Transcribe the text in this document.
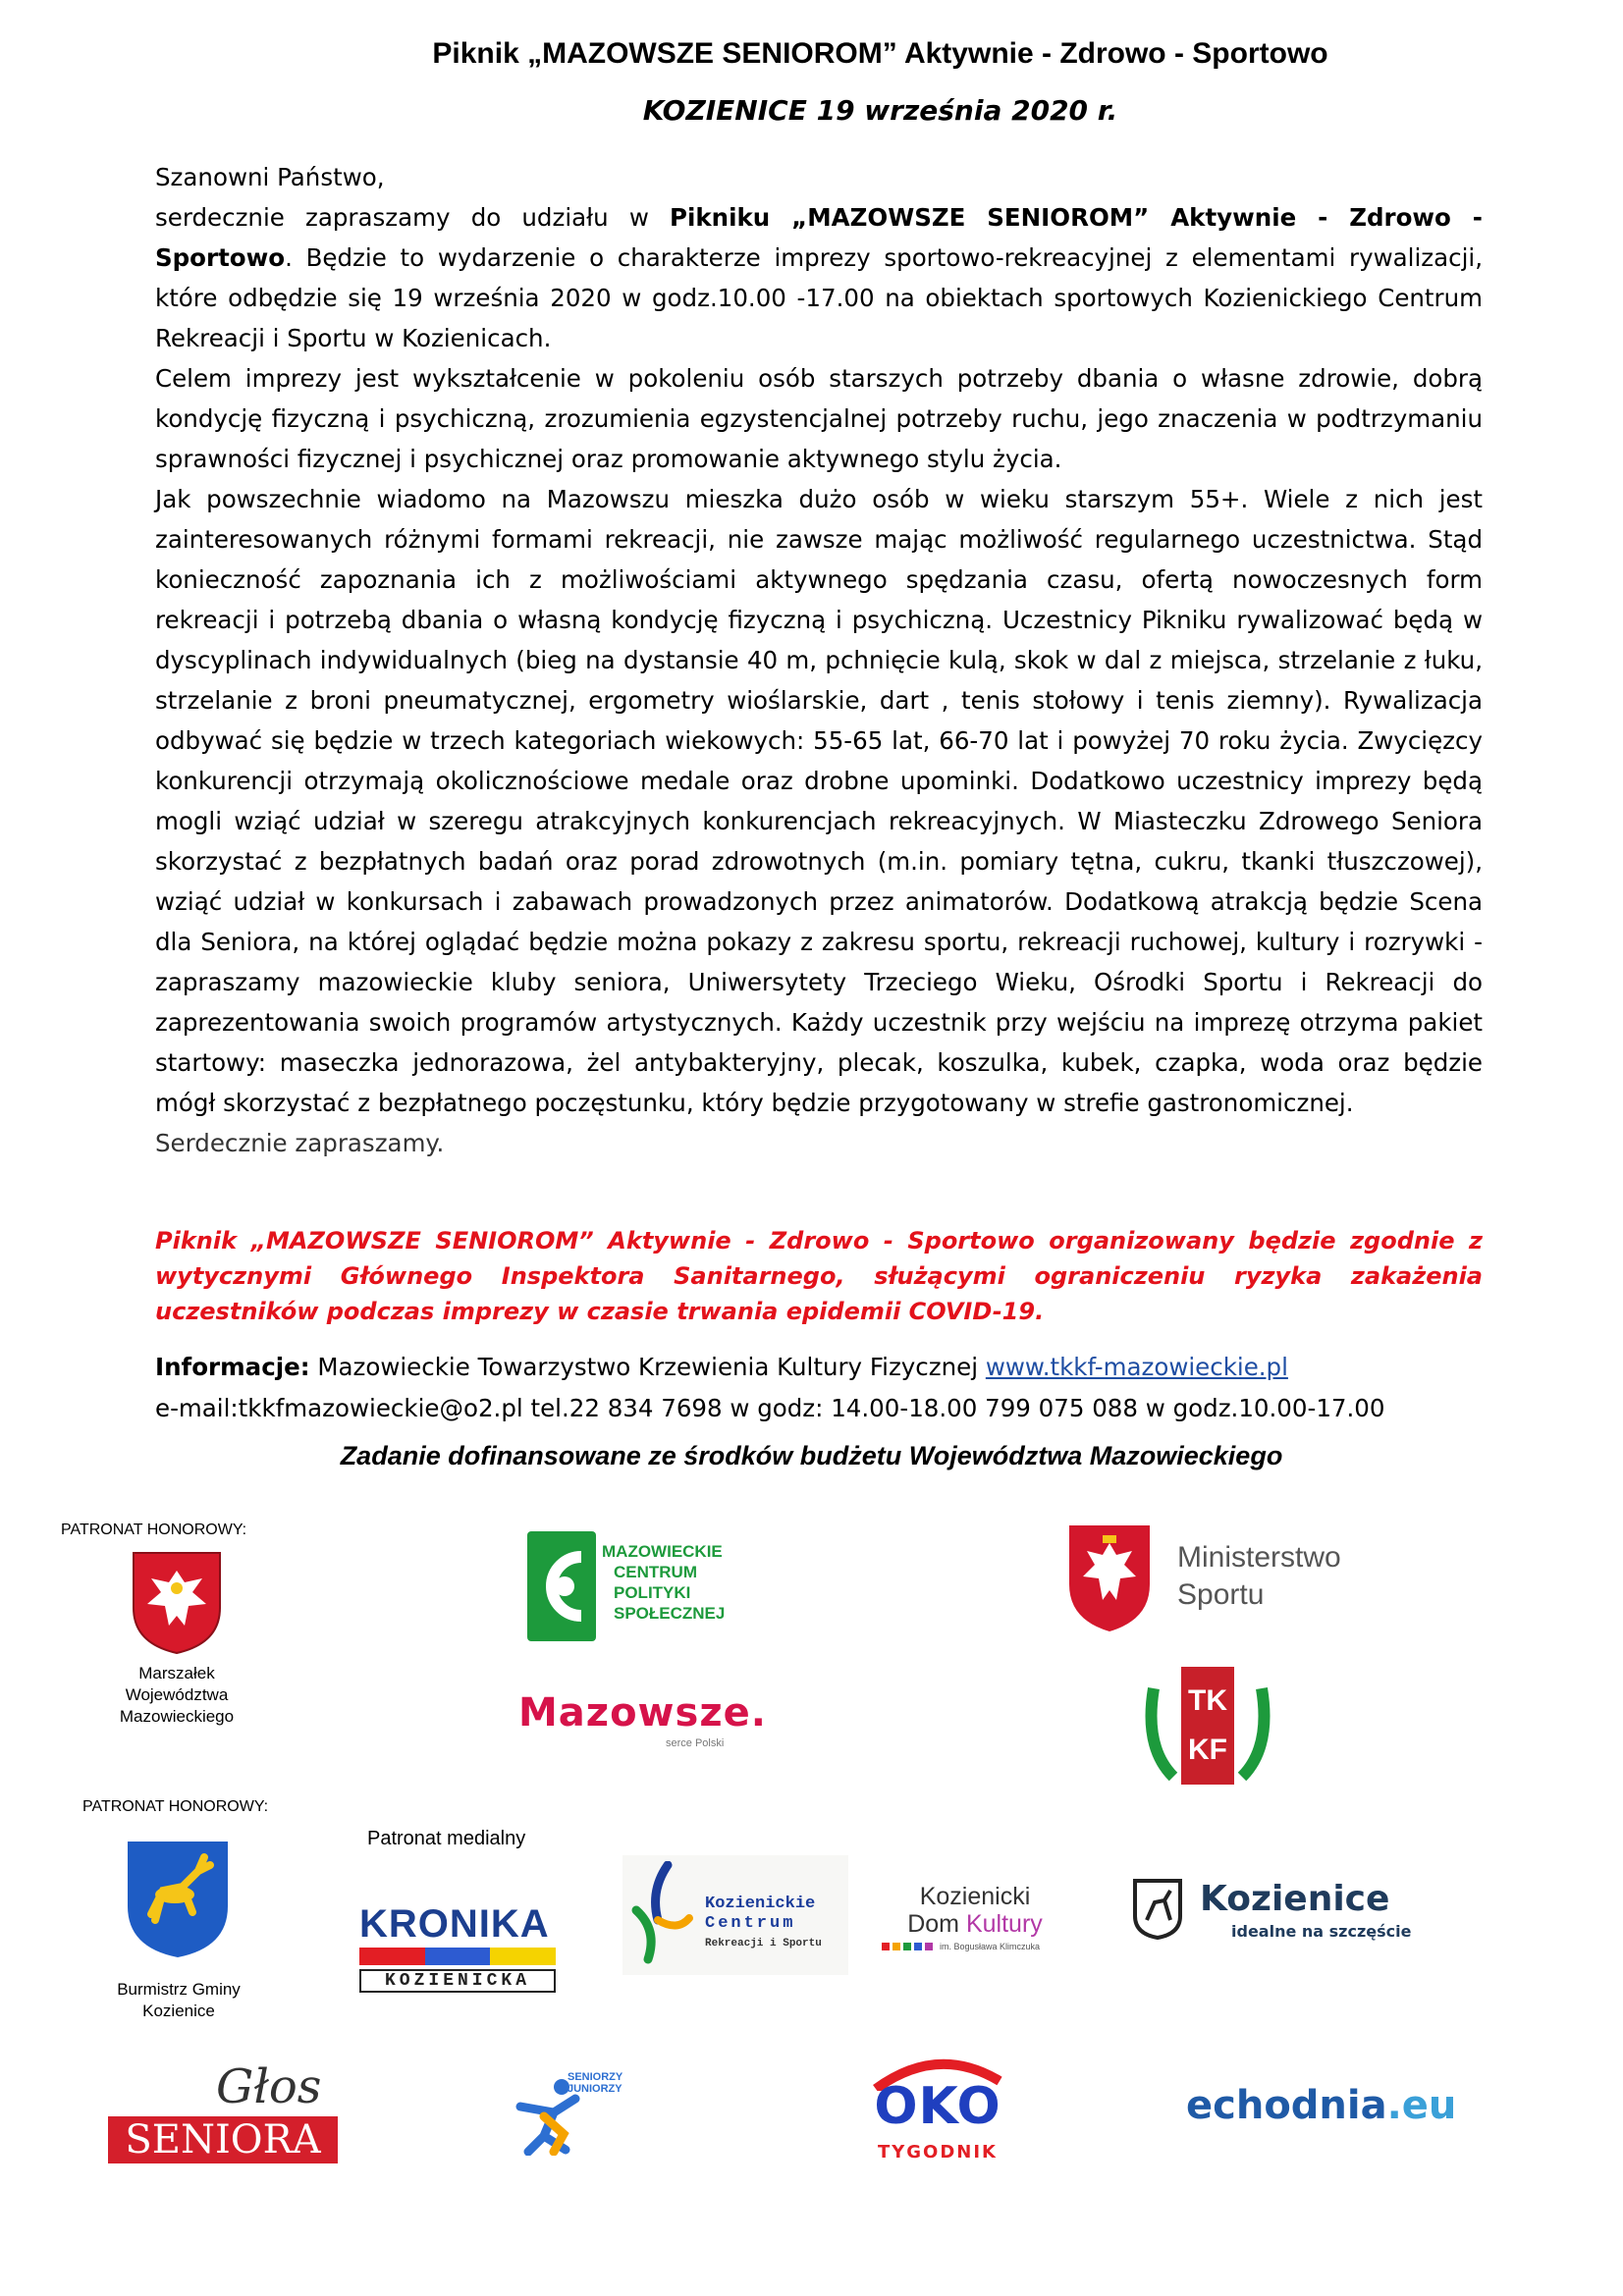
Piknik „MAZOWSZE SENIOROM” Aktywnie - Zdrowo - Sportowo
KOZIENICE 19 września 2020 r.

Szanowni Państwo,

serdecznie zapraszamy do udziału w Pikniku „MAZOWSZE SENIOROM” Aktywnie - Zdrowo - Sportowo. Będzie to wydarzenie o charakterze imprezy sportowo-rekreacyjnej z elementami rywalizacji, które odbędzie się 19 września 2020 w godz.10.00 -17.00 na obiektach sportowych Kozienickiego Centrum Rekreacji i Sportu w Kozienicach.

Celem imprezy jest wykształcenie w pokoleniu osób starszych potrzeby dbania o własne zdrowie, dobrą kondycję fizyczną i psychiczną, zrozumienia egzystencjalnej potrzeby ruchu, jego znaczenia w podtrzymaniu sprawności fizycznej i psychicznej oraz promowanie aktywnego stylu życia.

Jak powszechnie wiadomo na Mazowszu mieszka dużo osób w wieku starszym 55+. Wiele z nich jest zainteresowanych różnymi formami rekreacji, nie zawsze mając możliwość regularnego uczestnictwa. Stąd konieczność zapoznania ich z możliwościami aktywnego spędzania czasu, ofertą nowoczesnych form rekreacji i potrzebą dbania o własną kondycję fizyczną i psychiczną. Uczestnicy Pikniku rywalizować będą w dyscyplinach indywidualnych (bieg na dystansie 40 m, pchnięcie kulą, skok w dal z miejsca, strzelanie z łuku, strzelanie z broni pneumatycznej, ergometry wioślarskie, dart , tenis stołowy i tenis ziemny). Rywalizacja odbywać się będzie w trzech kategoriach wiekowych: 55-65 lat, 66-70 lat i powyżej 70 roku życia. Zwycięzcy konkurencji otrzymają okolicznościowe medale oraz drobne upominki. Dodatkowo uczestnicy imprezy będą mogli wziąć udział w szeregu atrakcyjnych konkurencjach rekreacyjnych. W Miasteczku Zdrowego Seniora skorzystać z bezpłatnych badań oraz porad zdrowotnych (m.in. pomiary tętna, cukru, tkanki tłuszczowej), wziąć udział w konkursach i zabawach prowadzonych przez animatorów. Dodatkową atrakcją będzie Scena dla Seniora, na której oglądać będzie można pokazy z zakresu sportu, rekreacji ruchowej, kultury i rozrywki - zapraszamy mazowieckie kluby seniora, Uniwersytety Trzeciego Wieku, Ośrodki Sportu i Rekreacji do zaprezentowania swoich programów artystycznych. Każdy uczestnik przy wejściu na imprezę otrzyma pakiet startowy: maseczka jednorazowa, żel antybakteryjny, plecak, koszulka, kubek, czapka, woda oraz będzie mógł skorzystać z bezpłatnego poczęstunku, który będzie przygotowany w strefie gastronomicznej.

Serdecznie zapraszamy.

Piknik „MAZOWSZE SENIOROM” Aktywnie - Zdrowo - Sportowo organizowany będzie zgodnie z wytycznymi Głównego Inspektora Sanitarnego, służącymi ograniczeniu ryzyka zakażenia uczestników podczas imprezy w czasie trwania epidemii COVID-19.
Informacje: Mazowieckie Towarzystwo Krzewienia Kultury Fizycznej www.tkkf-mazowieckie.pl
e-mail:tkkfmazowieckie@o2.pl tel.22 834 7698 w godz: 14.00-18.00 799 075 088 w godz.10.00-17.00
Zadanie dofinansowane ze środków budżetu Województwa Mazowieckiego
PATRONAT HONOROWY:
Marszałek
Województwa
Mazowieckiego
MAZOWIECKIE
CENTRUM
POLITYKI
SPOŁECZNEJ
Ministerstwo
Sportu
Mazowsze.
serce Polski
TK
KF
PATRONAT HONOROWY:
Burmistrz Gminy
Kozienice
Patronat medialny
KRONIKA
KOZIENICKA
Kozienickie
Centrum
Rekreacji i Sportu
Kozienicki
Dom Kultury
im. Bogusława Klimczuka
Kozienice
idealne na szczęście
Głos
SENIORA
SENIORZY
JUNIORZY	OKO
TYGODNIK
echodnia.eu
